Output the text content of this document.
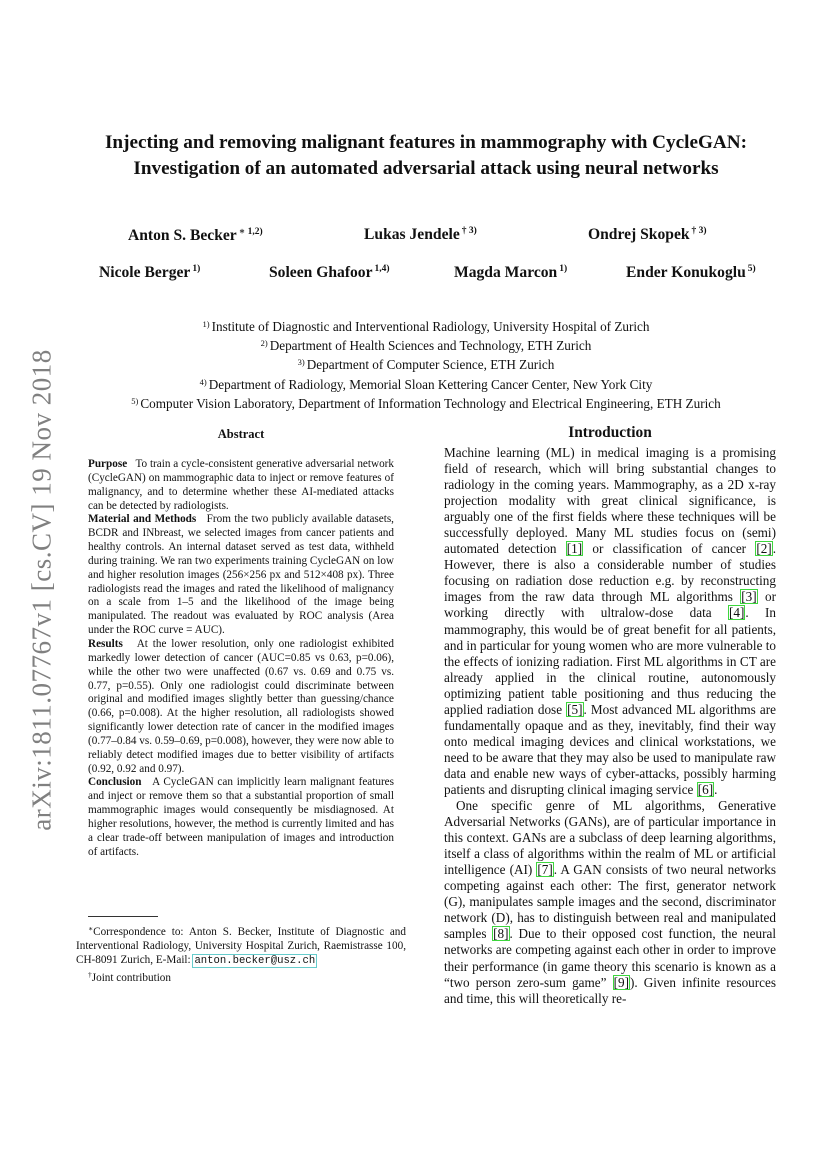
arXiv:1811.07767v1 [cs.CV] 19 Nov 2018
Injecting and removing malignant features in mammography with CycleGAN:
Investigation of an automated adversarial attack using neural networks
Anton S. Becker $^{∗ 1,2)}$	Lukas Jendele $^{\dagger 3)}$	Ondrej Skopek $^{\dagger 3)}$
Nicole Berger $^{1)}$	Soleen Ghafoor $^{1,4)}$	Magda Marcon $^{1)}$	Ender Konukoglu $^{5)}$
$^{1)}$ Institute of Diagnostic and Interventional Radiology, University Hospital of Zurich
$^{2)}$ Department of Health Sciences and Technology, ETH Zurich
$^{3)}$ Department of Computer Science, ETH Zurich
$^{4)}$ Department of Radiology, Memorial Sloan Kettering Cancer Center, New York City
$^{5)}$ Computer Vision Laboratory, Department of Information Technology and Electrical Engineering, ETH Zurich
Abstract

Purpose To train a cycle-consistent generative adversarial network (CycleGAN) on mammographic data to inject or remove features of malignancy, and to determine whether these AI-mediated attacks can be detected by radiologists.

Material and Methods From the two publicly available datasets, BCDR and INbreast, we selected images from cancer patients and healthy controls. An internal dataset served as test data, withheld during training. We ran two experiments training CycleGAN on low and higher resolution images (256×256 px and 512×408 px). Three radiologists read the images and rated the likelihood of malignancy on a scale from 1–5 and the likelihood of the image being manipulated. The readout was evaluated by ROC analysis (Area under the ROC curve = AUC).

Results At the lower resolution, only one radiologist exhibited markedly lower detection of cancer (AUC=0.85 vs 0.63, p=0.06), while the other two were unaffected (0.67 vs. 0.69 and 0.75 vs. 0.77, p=0.55). Only one radiologist could discriminate between original and modified images slightly better than guessing/chance (0.66, p=0.008). At the higher resolution, all radiologists showed significantly lower detection rate of cancer in the modified images (0.77–0.84 vs. 0.59–0.69, p=0.008), however, they were now able to reliably detect modified images due to better visibility of artifacts (0.92, 0.92 and 0.97).

Conclusion A CycleGAN can implicitly learn malignant features and inject or remove them so that a substantial proportion of small mammographic images would consequently be misdiagnosed. At higher resolutions, however, the method is currently limited and has a clear trade-off between manipulation of images and introduction of artifacts.

∗Correspondence to: Anton S. Becker, Institute of Diagnostic and Interventional Radiology, University Hospital Zurich, Raemistrasse 100, CH-8091 Zurich, E-Mail: anton.becker@usz.ch

†Joint contribution

Introduction

Machine learning (ML) in medical imaging is a promising field of research, which will bring substantial changes to radiology in the coming years. Mammography, as a 2D x-ray projection modality with great clinical significance, is arguably one of the first fields where these techniques will be successfully deployed. Many ML studies focus on (semi) automated detection [1] or classification of cancer [2]. However, there is also a considerable number of studies focusing on radiation dose reduction e.g. by reconstructing images from the raw data through ML algorithms [3] or working directly with ultralow-dose data [4]. In mammography, this would be of great benefit for all patients, and in particular for young women who are more vulnerable to the effects of ionizing radiation. First ML algorithms in CT are already applied in the clinical routine, autonomously optimizing patient table positioning and thus reducing the applied radiation dose [5]. Most advanced ML algorithms are fundamentally opaque and as they, inevitably, find their way onto medical imaging devices and clinical workstations, we need to be aware that they may also be used to manipulate raw data and enable new ways of cyber-attacks, possibly harming patients and disrupting clinical imaging service [6].

One specific genre of ML algorithms, Generative Adversarial Networks (GANs), are of particular importance in this context. GANs are a subclass of deep learning algorithms, itself a class of algorithms within the realm of ML or artificial intelligence (AI) [7]. A GAN consists of two neural networks competing against each other: The first, generator network (G), manipulates sample images and the second, discriminator network (D), has to distinguish between real and manipulated samples [8]. Due to their opposed cost function, the neural networks are competing against each other in order to improve their performance (in game theory this scenario is known as a “two person zero-sum game” [9]). Given infinite resources and time, this will theoretically re-
